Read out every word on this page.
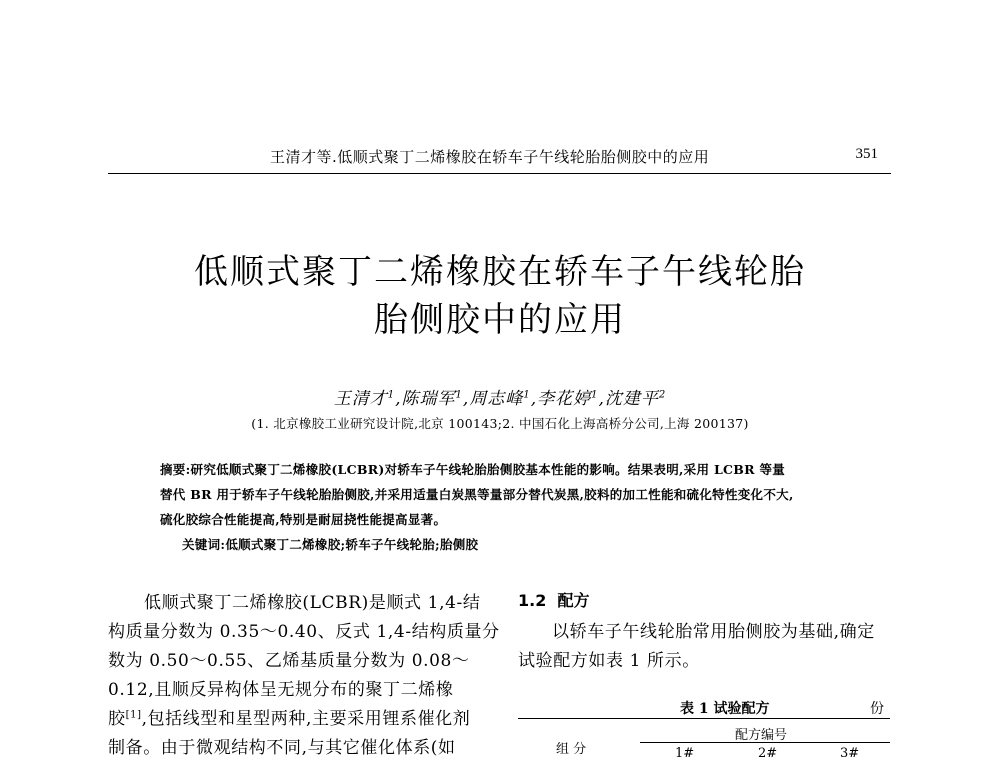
王清才等.低顺式聚丁二烯橡胶在轿车子午线轮胎胎侧胶中的应用	351
低顺式聚丁二烯橡胶在轿车子午线轮胎
胎侧胶中的应用
王清才$^1$,陈瑞军$^1$,周志峰$^1$,李花婷$^1$,沈建平$^2$
(1. 北京橡胶工业研究设计院,北京 100143;2. 中国石化上海高桥分公司,上海 200137)
摘要:研究低顺式聚丁二烯橡胶(LCBR)对轿车子午线轮胎胎侧胶基本性能的影响。结果表明,采用 LCBR 等量
替代 BR 用于轿车子午线轮胎胎侧胶,并采用适量白炭黑等量部分替代炭黑,胶料的加工性能和硫化特性变化不大,
硫化胶综合性能提高,特别是耐屈挠性能提高显著。
关键词:低顺式聚丁二烯橡胶;轿车子午线轮胎;胎侧胶
低顺式聚丁二烯橡胶(LCBR)是顺式 1,4-结
构质量分数为 0.35～0.40、反式 1,4-结构质量分
数为 0.50～0.55、乙烯基质量分数为 0.08～
0.12,且顺反异构体呈无规分布的聚丁二烯橡
胶[1],包括线型和星型两种,主要采用锂系催化剂
制备。由于微观结构不同,与其它催化体系(如
1.2 配方
以轿车子午线轮胎常用胎侧胶为基础,确定
试验配方如表 1 所示。
表 1 试验配方	份
组 分
配方编号
1#	2#	3#
